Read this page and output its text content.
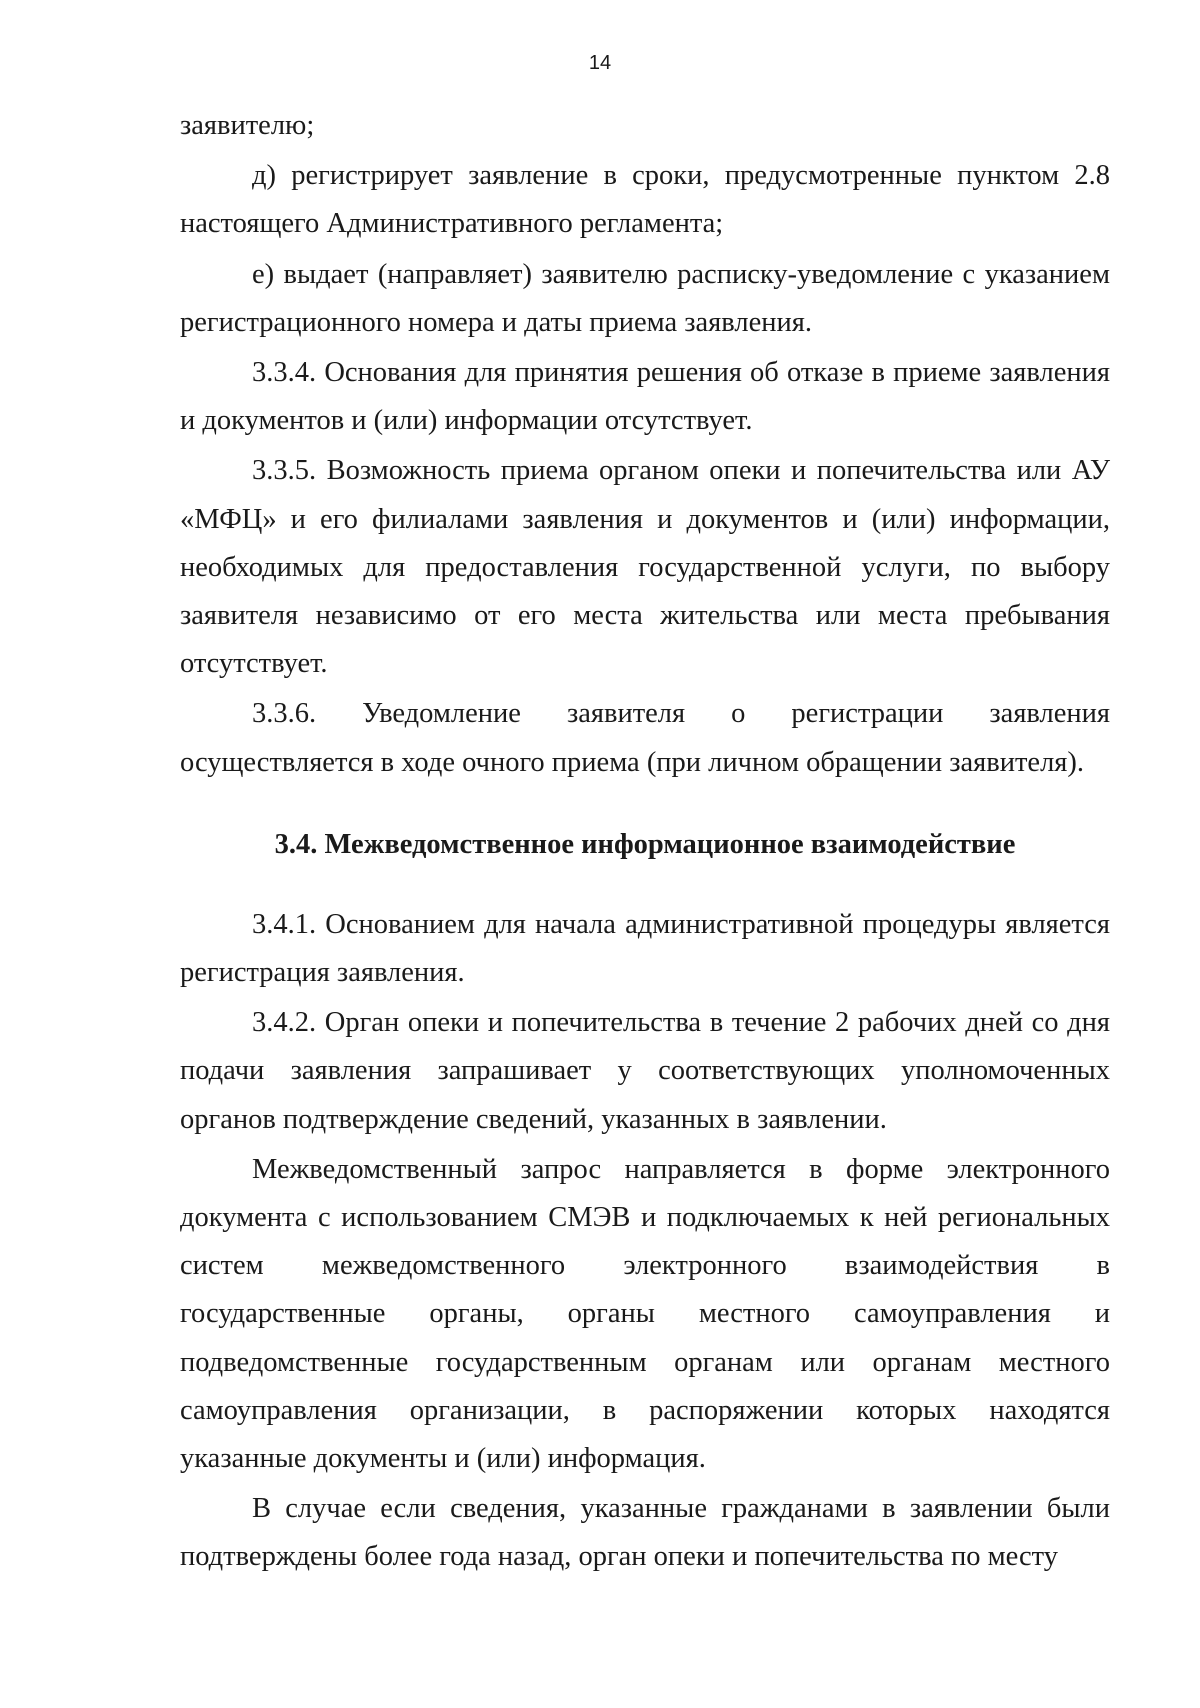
14

заявителю;

д) регистрирует заявление в сроки, предусмотренные пунктом 2.8 настоящего Административного регламента;

е) выдает (направляет) заявителю расписку-уведомление с указанием регистрационного номера и даты приема заявления.

3.3.4. Основания для принятия решения об отказе в приеме заявления и документов и (или) информации отсутствует.

3.3.5. Возможность приема органом опеки и попечительства или АУ «МФЦ» и его филиалами заявления и документов и (или) информации, необходимых для предоставления государственной услуги, по выбору заявителя независимо от его места жительства или места пребывания отсутствует.

3.3.6. Уведомление заявителя о регистрации заявления осуществляется в ходе очного приема (при личном обращении заявителя).

3.4. Межведомственное информационное взаимодействие

3.4.1. Основанием для начала административной процедуры является регистрация заявления.

3.4.2. Орган опеки и попечительства в течение 2 рабочих дней со дня подачи заявления запрашивает у соответствующих уполномоченных органов подтверждение сведений, указанных в заявлении.

Межведомственный запрос направляется в форме электронного документа с использованием СМЭВ и подключаемых к ней региональных систем межведомственного электронного взаимодействия в государственные органы, органы местного самоуправления и подведомственные государственным органам или органам местного самоуправления организации, в распоряжении которых находятся указанные документы и (или) информация.

В случае если сведения, указанные гражданами в заявлении были подтверждены более года назад, орган опеки и попечительства по месту
